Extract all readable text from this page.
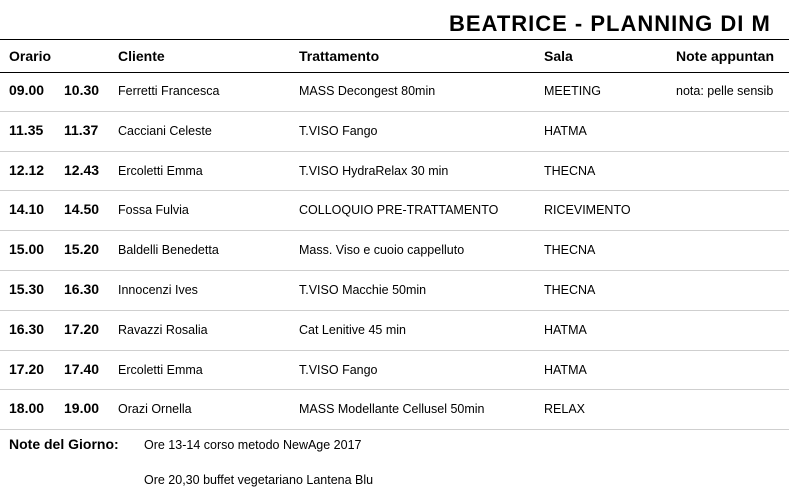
BEATRICE - PLANNING DI M
Orario	Cliente	Trattamento	Sala	Note appuntan
09.00 10.30 Ferretti Francesca	MASS Decongest 80min	MEETING	nota: pelle sensib
11.35 11.37 Cacciani Celeste	T.VISO Fango	HATMA
12.12 12.43 Ercoletti Emma	T.VISO HydraRelax 30 min	THECNA
14.10 14.50 Fossa Fulvia	COLLOQUIO PRE-TRATTAMENTO	RICEVIMENTO
15.00 15.20 Baldelli Benedetta	Mass. Viso e cuoio cappelluto	THECNA
15.30 16.30 Innocenzi Ives	T.VISO Macchie 50min	THECNA
16.30 17.20 Ravazzi Rosalia	Cat Lenitive 45 min	HATMA
17.20 17.40 Ercoletti Emma	T.VISO Fango	HATMA
18.00 19.00 Orazi Ornella	MASS Modellante Cellusel 50min	RELAX
Note del Giorno: Ore 13-14 corso metodo NewAge 2017
Ore 20,30 buffet vegetariano Lantena Blu
